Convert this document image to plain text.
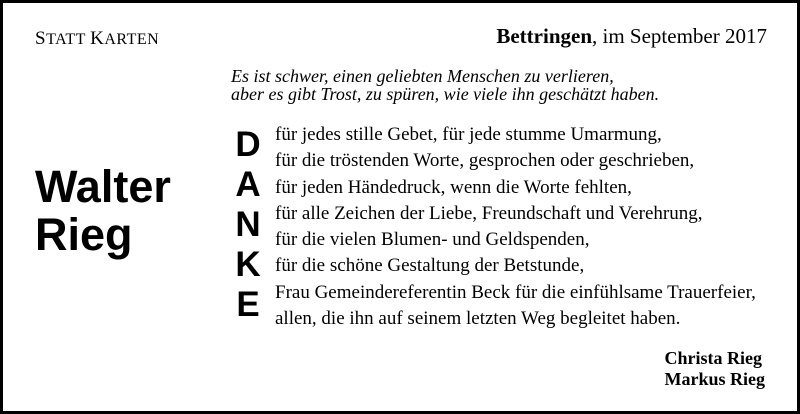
STATT KARTEN	Bettringen, im September 2017
Es ist schwer, einen geliebten Menschen zu verlieren,
aber es gibt Trost, zu spüren, wie viele ihn geschätzt haben.
Walter
Rieg
D
A
N
K
E
für jedes stille Gebet, für jede stumme Umarmung,
für die tröstenden Worte, gesprochen oder geschrieben,
für jeden Händedruck, wenn die Worte fehlten,
für alle Zeichen der Liebe, Freundschaft und Verehrung,
für die vielen Blumen- und Geldspenden,
für die schöne Gestaltung der Betstunde,
Frau Gemeindereferentin Beck für die einfühlsame Trauerfeier,
allen, die ihn auf seinem letzten Weg begleitet haben.
Christa Rieg
Markus Rieg
